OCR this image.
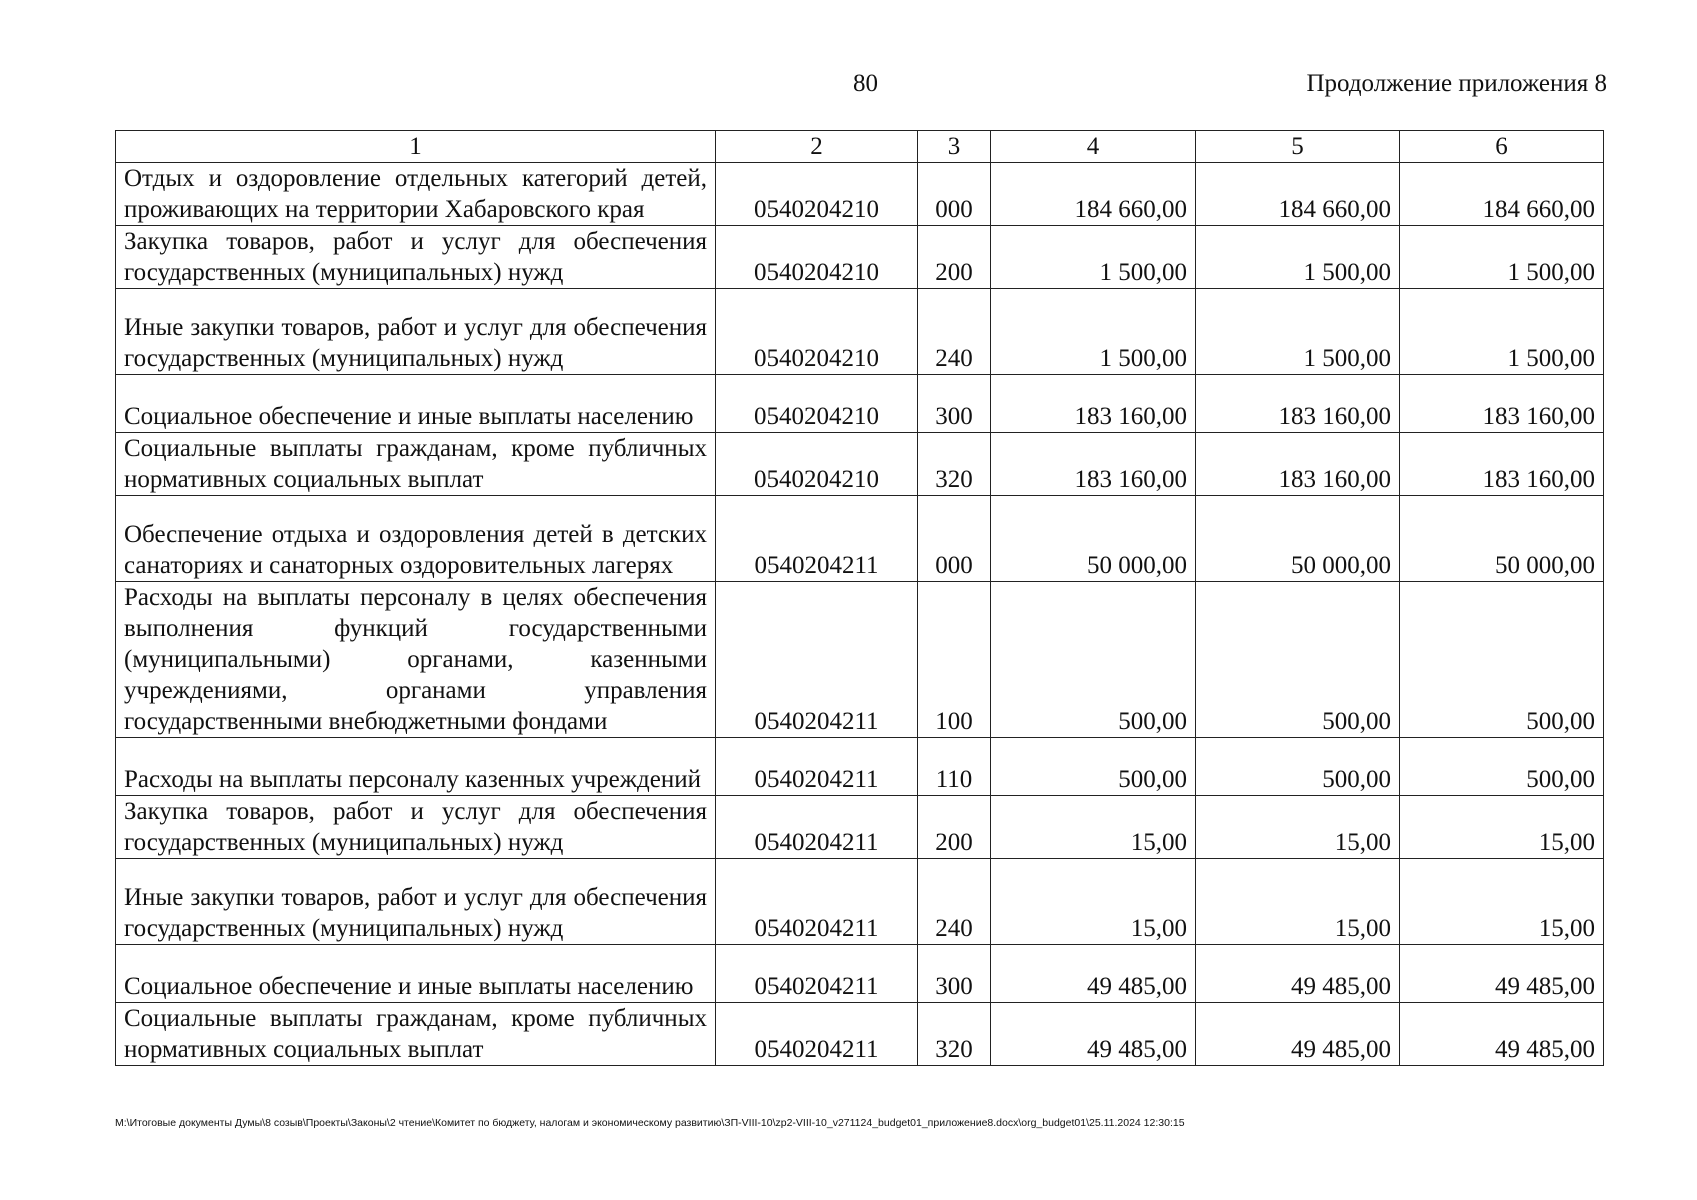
80	Продолжение приложения 8
1	2	3	4	5	6
Отдых и оздоровление отдельных категорий детей, проживающих на территории Хабаровского края	0540204210	000	184 660,00	184 660,00	184 660,00
Закупка товаров, работ и услуг для обеспечения государственных (муниципальных) нужд	0540204210	200	1 500,00	1 500,00	1 500,00
Иные закупки товаров, работ и услуг для обеспечения государственных (муниципальных) нужд	0540204210	240	1 500,00	1 500,00	1 500,00
Социальное обеспечение и иные выплаты населению	0540204210	300	183 160,00	183 160,00	183 160,00
Социальные выплаты гражданам, кроме публичных нормативных социальных выплат	0540204210	320	183 160,00	183 160,00	183 160,00
Обеспечение отдыха и оздоровления детей в детских санаториях и санаторных оздоровительных лагерях	0540204211	000	50 000,00	50 000,00	50 000,00
Расходы на выплаты персоналу в целях обеспечения выполнения функций государственными (муниципальными) органами, казенными учреждениями, органами управления государственными внебюджетными фондами	0540204211	100	500,00	500,00	500,00
Расходы на выплаты персоналу казенных учреждений	0540204211	110	500,00	500,00	500,00
Закупка товаров, работ и услуг для обеспечения государственных (муниципальных) нужд	0540204211	200	15,00	15,00	15,00
Иные закупки товаров, работ и услуг для обеспечения государственных (муниципальных) нужд	0540204211	240	15,00	15,00	15,00
Социальное обеспечение и иные выплаты населению	0540204211	300	49 485,00	49 485,00	49 485,00
Социальные выплаты гражданам, кроме публичных нормативных социальных выплат	0540204211	320	49 485,00	49 485,00	49 485,00
M:\Итоговые документы Думы\8 созыв\Проекты\Законы\2 чтение\Комитет по бюджету, налогам и экономическому развитию\ЗП-VIII-10\zp2-VIII-10_v271124_budget01_приложение8.docx\org_budget01\25.11.2024 12:30:15
